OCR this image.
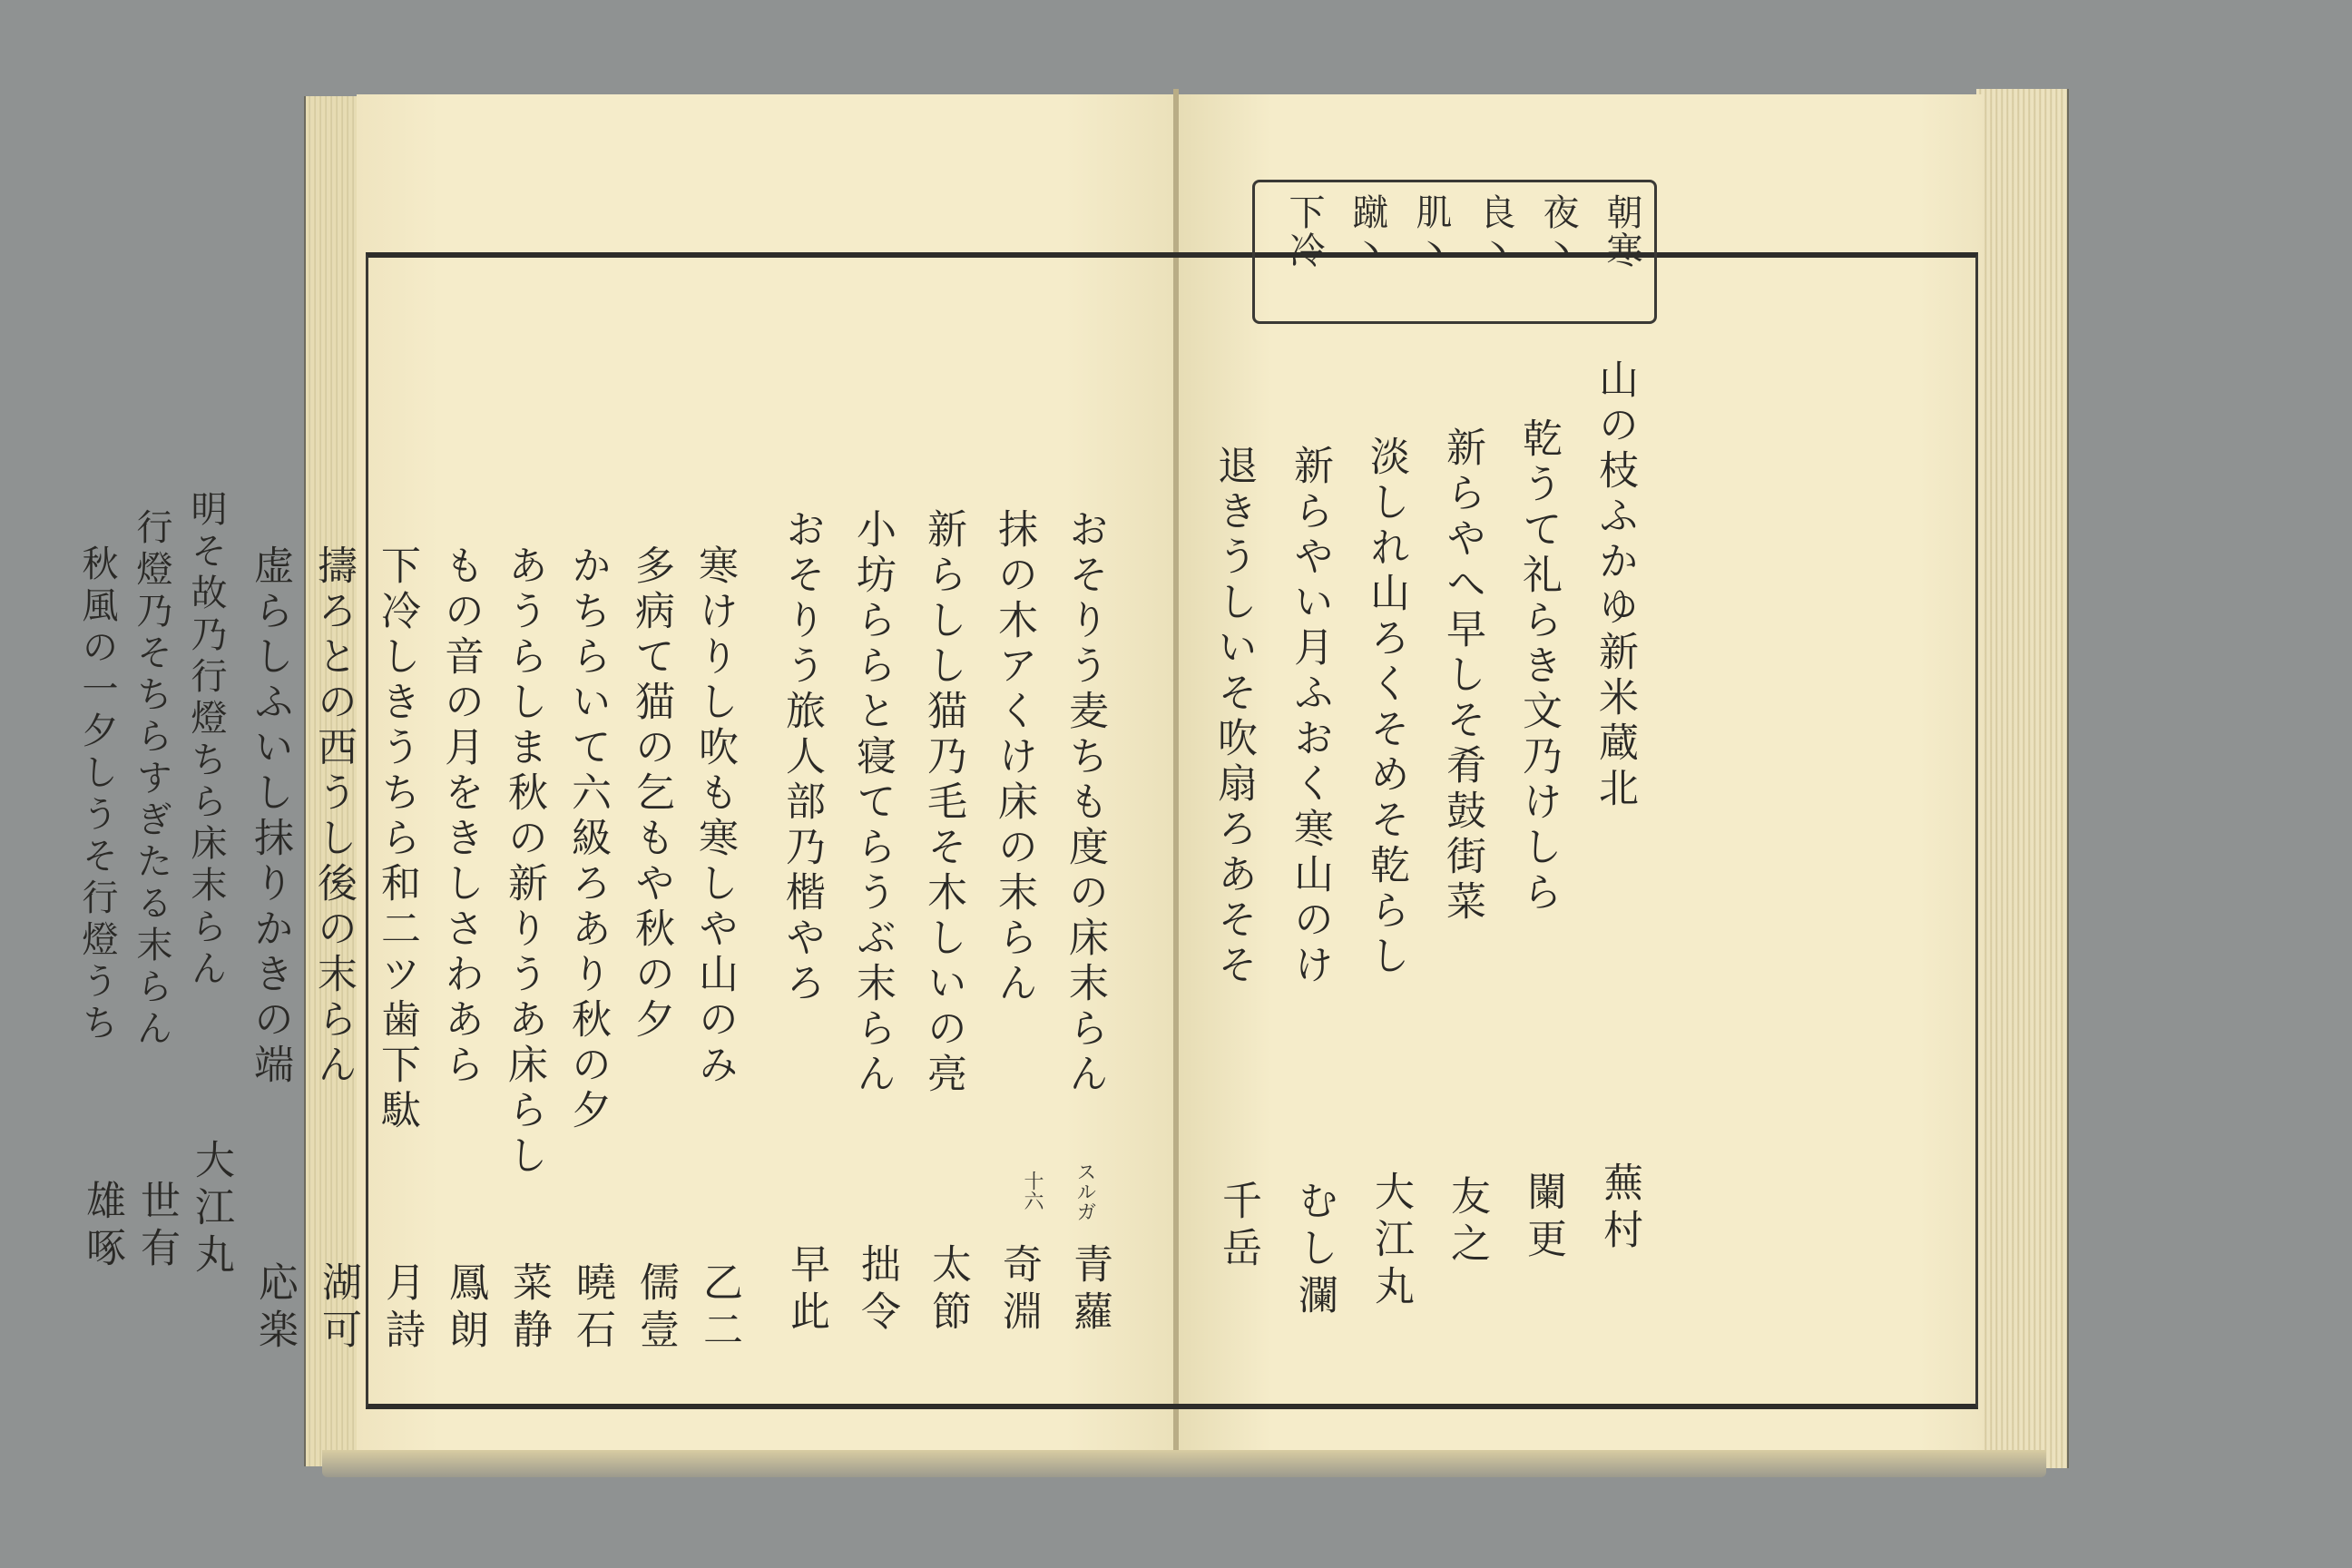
朝寒
夜丶
良丶
肌丶
蹴丶
下冷
山の枝ふかゆ新米蔵北
蕪村
乾うて礼らき文乃けしら
闌更
新らやへ早しそ肴鼓街菜
友之
淡しれ山ろくそめそ乾らし
大江丸
新らやい月ふおく寒山のけ
むし瀾
退きうしいそ吹扇ろあそそ
千岳
おそりう麦ちも度の床末らん
青蘿
抹の木アくけ床の末らん
奇淵
新らしし猫乃毛そ木しいの亮
太節
小坊ららと寝てらうぶ末らん
拙令
おそりう旅人部乃楷やろ
早此
寒けりし吹も寒しや山のみ
乙二
多病て猫の乞もや秋の夕
儒壹
かちらいて六級ろあり秋の夕
曉石
あうらしま秋の新りうあ床らし
菜静
もの音の月をきしさわあら
鳳朗
下冷しきうちら和二ツ歯下駄
月詩
擣ろとの西うし後の末らん
湖可
虚らしふいし抹りかきの端
応楽
明そ故乃行燈ちら床末らん
大江丸
行燈乃そちらすぎたる末らん
世有
秋風の一夕しうそ行燈うち
雄啄	スルガ
十六
